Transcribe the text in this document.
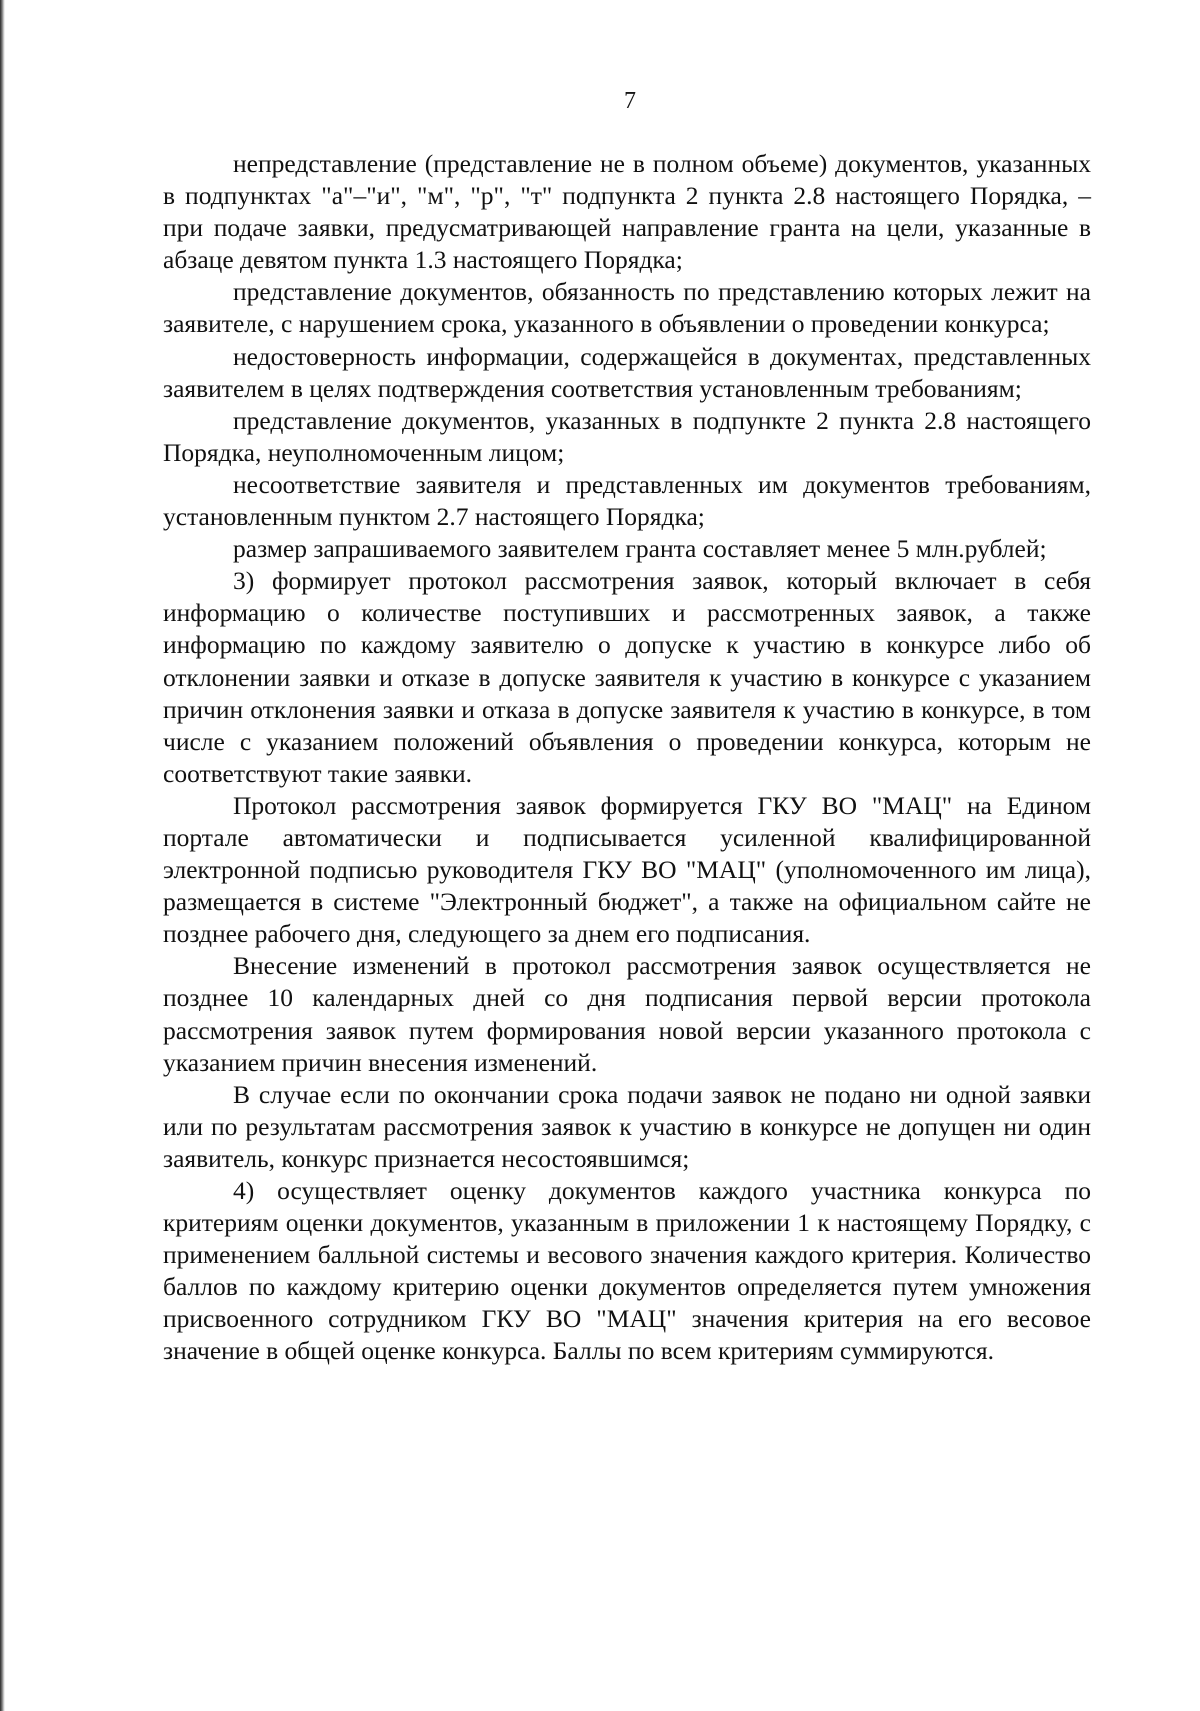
7

непредставление (представление не в полном объеме) документов, указанных в подпунктах "а"–"и", "м", "р", "т" подпункта 2 пункта 2.8 настоящего Порядка, – при подаче заявки, предусматривающей направление гранта на цели, указанные в абзаце девятом пункта 1.3 настоящего Порядка;

представление документов, обязанность по представлению которых лежит на заявителе, с нарушением срока, указанного в объявлении о проведении конкурса;

недостоверность информации, содержащейся в документах, представленных заявителем в целях подтверждения соответствия установленным требованиям;

представление документов, указанных в подпункте 2 пункта 2.8 настоящего Порядка, неуполномоченным лицом;

несоответствие заявителя и представленных им документов требованиям, установленным пунктом 2.7 настоящего Порядка;

размер запрашиваемого заявителем гранта составляет менее 5 млн.рублей;

3) формирует протокол рассмотрения заявок, который включает в себя информацию о количестве поступивших и рассмотренных заявок, а также информацию по каждому заявителю о допуске к участию в конкурсе либо об отклонении заявки и отказе в допуске заявителя к участию в конкурсе с указанием причин отклонения заявки и отказа в допуске заявителя к участию в конкурсе, в том числе с указанием положений объявления о проведении конкурса, которым не соответствуют такие заявки.

Протокол рассмотрения заявок формируется ГКУ ВО "МАЦ" на Едином портале автоматически и подписывается усиленной квалифицированной электронной подписью руководителя ГКУ ВО "МАЦ" (уполномоченного им лица), размещается в системе "Электронный бюджет", а также на официальном сайте не позднее рабочего дня, следующего за днем его подписания.

Внесение изменений в протокол рассмотрения заявок осуществляется не позднее 10 календарных дней со дня подписания первой версии протокола рассмотрения заявок путем формирования новой версии указанного протокола с указанием причин внесения изменений.

В случае если по окончании срока подачи заявок не подано ни одной заявки или по результатам рассмотрения заявок к участию в конкурсе не допущен ни один заявитель, конкурс признается несостоявшимся;

4) осуществляет оценку документов каждого участника конкурса по критериям оценки документов, указанным в приложении 1 к настоящему Порядку, с применением балльной системы и весового значения каждого критерия. Количество баллов по каждому критерию оценки документов определяется путем умножения присвоенного сотрудником ГКУ ВО "МАЦ" значения критерия на его весовое значение в общей оценке конкурса. Баллы по всем критериям суммируются.
